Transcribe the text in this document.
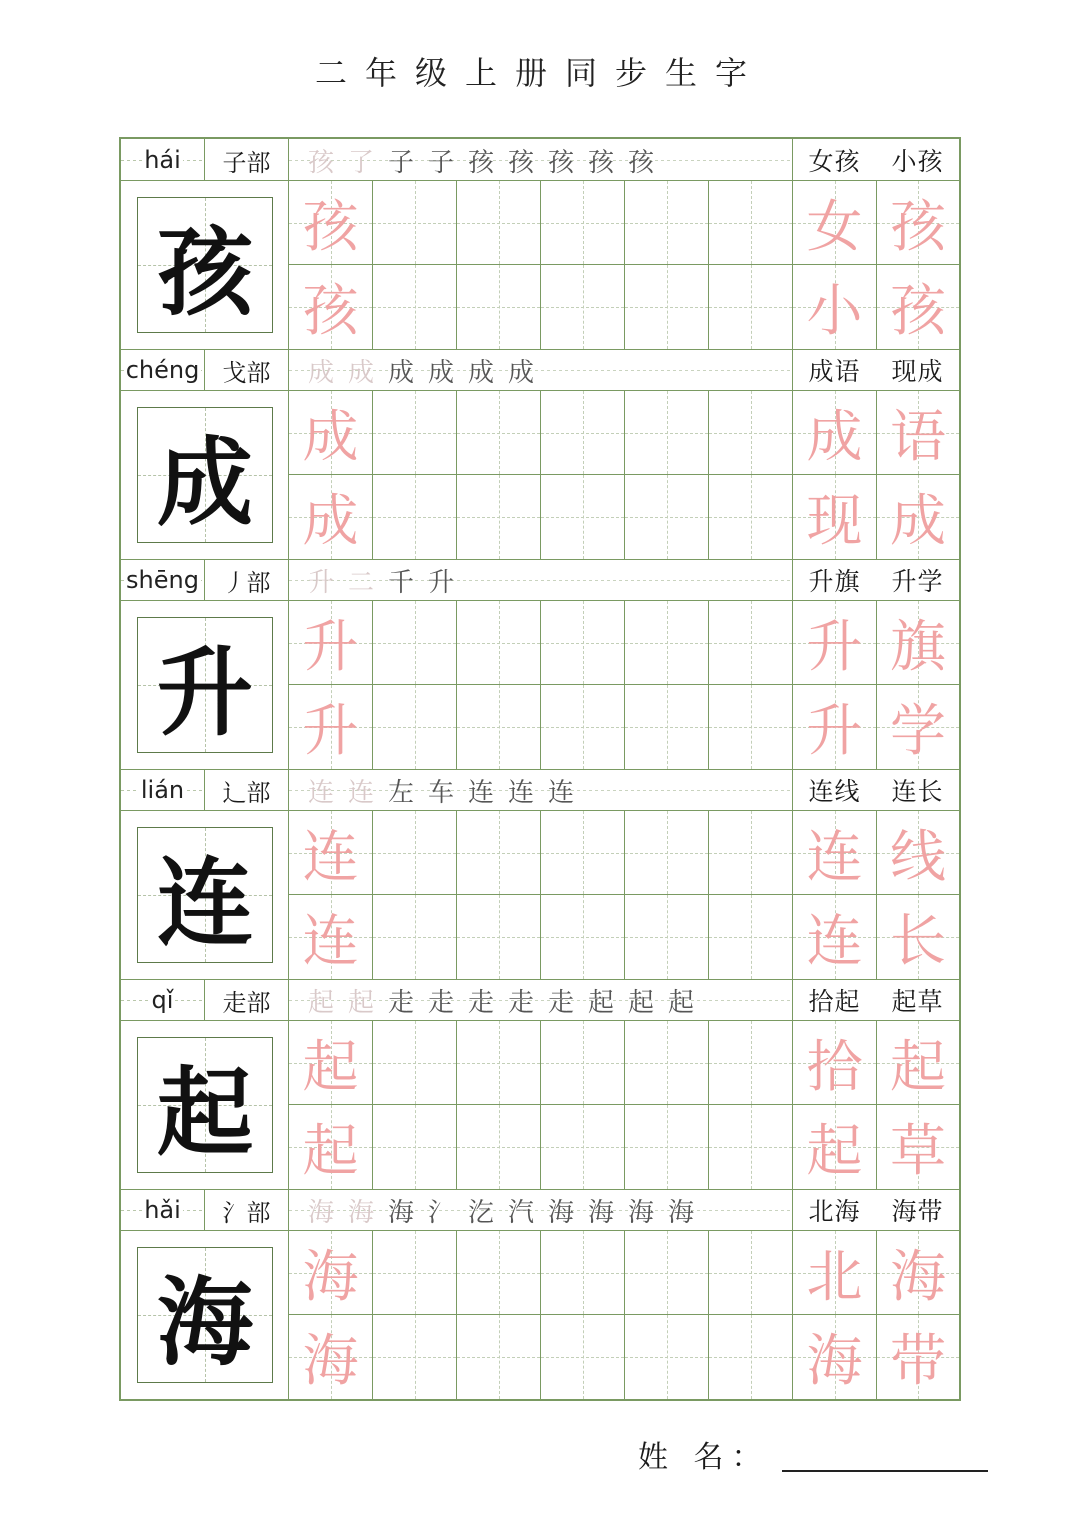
二年级上册同步生字
hái	子部	孩 了 子 子 孩 孩 孩 孩 孩	女孩 小孩
孩 孩	女 孩
孩	小 孩
chéng 戈部	成 成 成 成 成 成	成语 现成
成 成	成 语
成	现 成
shēng 丿部	升 二 千 升	升旗 升学
升 升	升 旗
升	升 学
lián	辶部	连 连 左 车 连 连 连	连线 连长
连 连	连 线
连	连 长
qǐ	走部	起 起 走 走 走 走 走 起 起 起	拾起 起草
起 起	拾 起
起	起 草
hǎi	氵部	海 海 海 氵 汔 汽 海 海 海 海	北海 海带
海 海	北 海
海	海 带
姓 名：
